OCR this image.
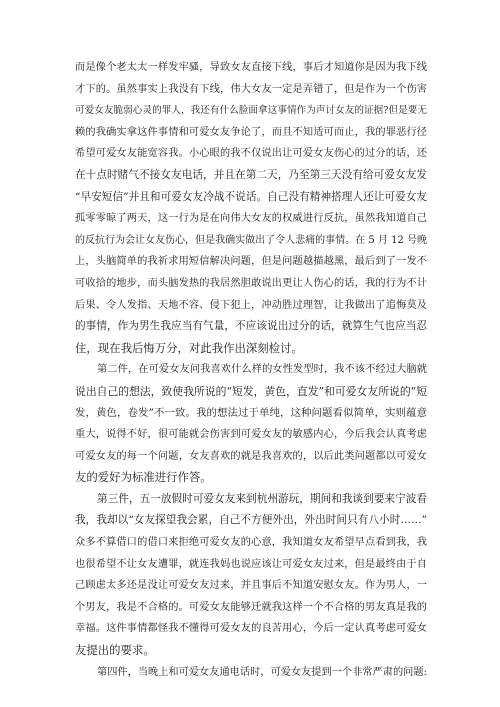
而是像个老太太一样发牢骚，导致女友直接下线，事后才知道你是因为我下线
才下的。虽然事实上我没有下线，伟大女友一定是弄错了，但是作为一个伤害
可爱女友脆弱心灵的罪人，我还有什么脸面拿这事情作为声讨女友的证据?但是要无
赖的我确实拿这件事情和可爱女友争论了，而且不知适可而止，我的罪恶行径
希望可爱女友能宽容我。小心眼的我不仅说出让可爱女友伤心的过分的话，还
在十点时赌气不接女友电话，并且在第二天，乃至第三天没有给可爱女友发
“早安短信”并且和可爱女友冷战不说话。自己没有精神搭理人还让可爱女友
孤零零晾了两天，这一行为是在向伟大女友的权威进行反抗，虽然我知道自己
的反抗行为会让女友伤心，但是我确实做出了令人悲痛的事情。在 5 月 12 号晚
上，头脑简单的我祈求用短信解决问题，但是问题越描越黑，最后到了一发不
可收拾的地步，而头脑发热的我居然胆敢说出更让人伤心的话，我的行为不计
后果、令人发指、天地不容、侵下犯上，冲动胜过理智，让我做出了追悔莫及
的事情，作为男生我应当有气量，不应该说出过分的话，就算生气也应当忍
住，现在我后悔万分，对此我作出深刻检讨。
第二件，在可爱女友问我喜欢什么样的女性发型时，我不该不经过大脑就
说出自己的想法，致使我所说的“短发，黄色，直发”和可爱女友所说的“短
发，黄色，卷发”不一致。我的想法过于单纯，这种问题看似简单，实则蕴意
重大，说得不好，很可能就会伤害到可爱女友的敏感内心，今后我会认真考虑
可爱女友的每一个问题，女友喜欢的就是我喜欢的，以后此类问题都以可爱女
友的爱好为标准进行作答。
第三件，五一放假时可爱女友来到杭州游玩，期间和我谈到要来宁波看
我，我却以“女友探望我会累，自己不方便外出，外出时间只有八小时……”
众多不算借口的借口来拒绝可爱女友的心意，我知道女友希望早点看到我，我
也很希望不让女友遭罪，就连我妈也说应该让可爱女友过来，但是最终由于自
己顾虑太多还是没让可爱女友过来，并且事后不知道安慰女友。作为男人，一
个男友，我是不合格的。可爱女友能够迁就我这样一个不合格的男友真是我的
幸福。这件事情都怪我不懂得可爱女友的良苦用心，今后一定认真考虑可爱女
友提出的要求。
第四件，当晚上和可爱女友通电话时，可爱女友提到一个非常严肃的问题:
